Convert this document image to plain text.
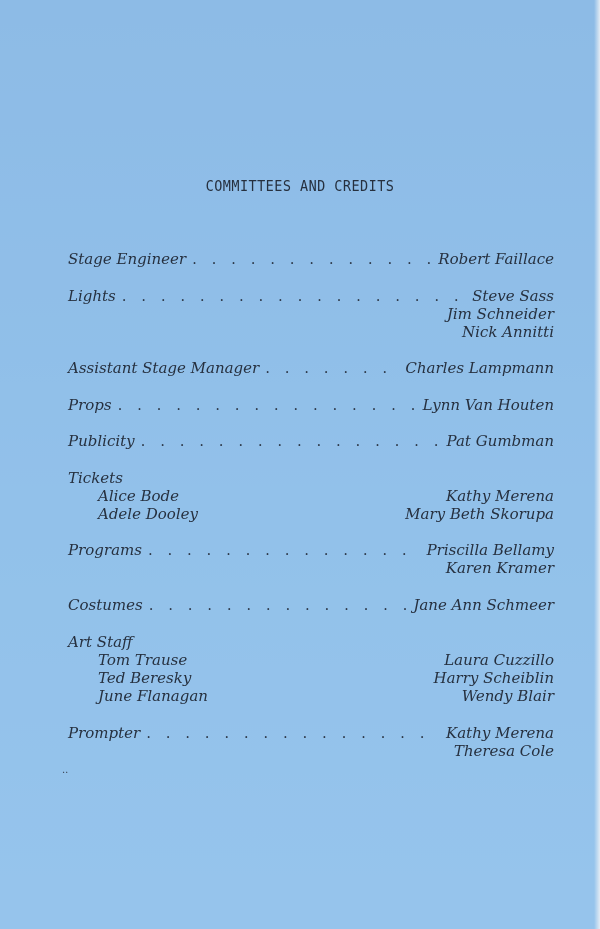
COMMITTEES AND CREDITS
Stage Engineer . . .	Robert Faillace
Lights . . .	Steve Sass
Jim Schneider
Nick Annitti
Assistant Stage Manager . . .	Charles Lampmann
Props . . .	Lynn Van Houten
Publicity . . .	Pat Gumbman
Tickets
Alice Bode	Kathy Merena
Adele Dooley	Mary Beth Skorupa
Programs . . .	Priscilla Bellamy
Karen Kramer
Costumes . . .	Jane Ann Schmeer
Art Staff
Tom Trause	Laura Cuzzillo
Ted Beresky	Harry Scheiblin
June Flanagan	Wendy Blair
Prompter . . .	Kathy Merena
Theresa Cole
··
